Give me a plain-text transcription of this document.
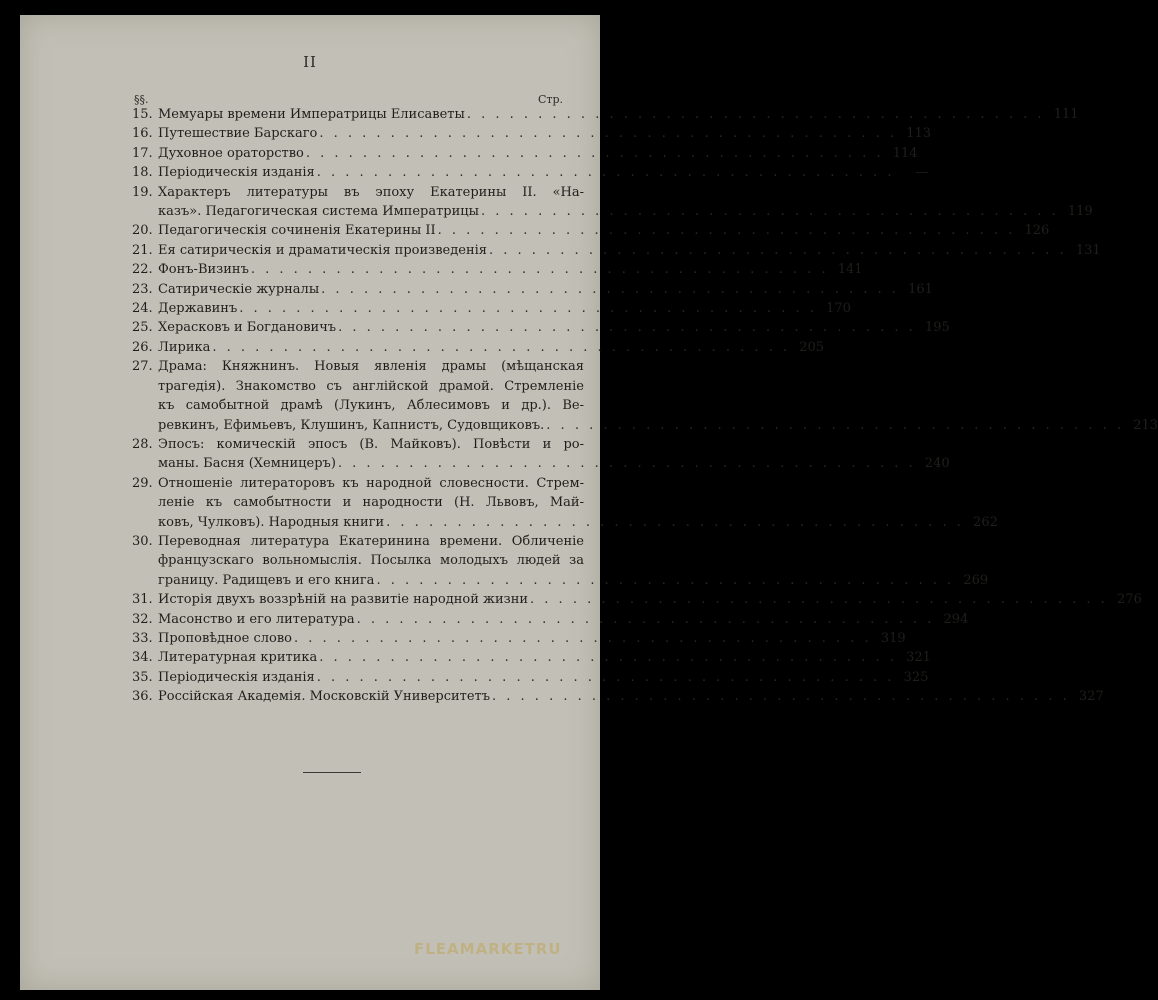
II
§§.	Стр.
15. Мемуары времени Императрицы Елисаветы . . . . . . . . . . . . . . . . . . . . . . . . . . . . . . . . . . . . . . . . . 111
16. Путешествие Барскаго . . . . . . . . . . . . . . . . . . . . . . . . . . . . . . . . . . . . . . . . . 113
17. Духовное ораторство . . . . . . . . . . . . . . . . . . . . . . . . . . . . . . . . . . . . . . . . . 114
18. Періодическія изданія . . . . . . . . . . . . . . . . . . . . . . . . . . . . . . . . . . . . . . . . .	—
19. Характеръ литературы въ эпоху Екатерины II. «На-
казъ». Педагогическая система Императрицы . . . . . . . . . . . . . . . . . . . . . . . . . . . . . . . . . . . . . . . . . 119
20. Педагогическія сочиненія Екатерины II . . . . . . . . . . . . . . . . . . . . . . . . . . . . . . . . . . . . . . . . . 126
21. Ея сатирическія и драматическія произведенія . . . . . . . . . . . . . . . . . . . . . . . . . . . . . . . . . . . . . . . . . 131
22. Фонъ-Визинъ . . . . . . . . . . . . . . . . . . . . . . . . . . . . . . . . . . . . . . . . . 141
23. Сатирическіе журналы . . . . . . . . . . . . . . . . . . . . . . . . . . . . . . . . . . . . . . . . . 161
24. Державинъ . . . . . . . . . . . . . . . . . . . . . . . . . . . . . . . . . . . . . . . . . 170
25. Херасковъ и Богдановичъ . . . . . . . . . . . . . . . . . . . . . . . . . . . . . . . . . . . . . . . . . 195
26. Лирика . . . . . . . . . . . . . . . . . . . . . . . . . . . . . . . . . . . . . . . . . 205
27. Драма: Княжнинъ. Новыя явленія драмы (мѣщанская
трагедія). Знакомство съ англійской драмой. Стремленіе
къ самобытной драмѣ (Лукинъ, Аблесимовъ и др.). Ве-
ревкинъ, Ефимьевъ, Клушинъ, Капнистъ, Судовщиковъ. . . . . . . . . . . . . . . . . . . . . . . . . . . . . . . . . . . . . . . . . . 213
28. Эпосъ: комическій эпосъ (В. Майковъ). Повѣсти и ро-
маны. Басня (Хемницеръ) . . . . . . . . . . . . . . . . . . . . . . . . . . . . . . . . . . . . . . . . . 240
29. Отношеніе литераторовъ къ народной словесности. Стрем-
леніе къ самобытности и народности (Н. Львовъ, Май-
ковъ, Чулковъ). Народныя книги . . . . . . . . . . . . . . . . . . . . . . . . . . . . . . . . . . . . . . . . . 262
30. Переводная литература Екатерининa времени. Обличеніе
французскаго вольномыслія. Посылка молодыхъ людей за
границу. Радищевъ и его книга . . . . . . . . . . . . . . . . . . . . . . . . . . . . . . . . . . . . . . . . . 269
31. Исторія двухъ воззрѣній на развитіе народной жизни . . . . . . . . . . . . . . . . . . . . . . . . . . . . . . . . . . . . . . . . . 276
32. Масонство и его литература . . . . . . . . . . . . . . . . . . . . . . . . . . . . . . . . . . . . . . . . . 294
33. Проповѣдное слово . . . . . . . . . . . . . . . . . . . . . . . . . . . . . . . . . . . . . . . . . 319
34. Литературная критика . . . . . . . . . . . . . . . . . . . . . . . . . . . . . . . . . . . . . . . . . 321
35. Періодическія изданія . . . . . . . . . . . . . . . . . . . . . . . . . . . . . . . . . . . . . . . . . 325
36. Россійская Академія. Московскій Университетъ . . . . . . . . . . . . . . . . . . . . . . . . . . . . . . . . . . . . . . . . . 327
FLEAMARKETRU
